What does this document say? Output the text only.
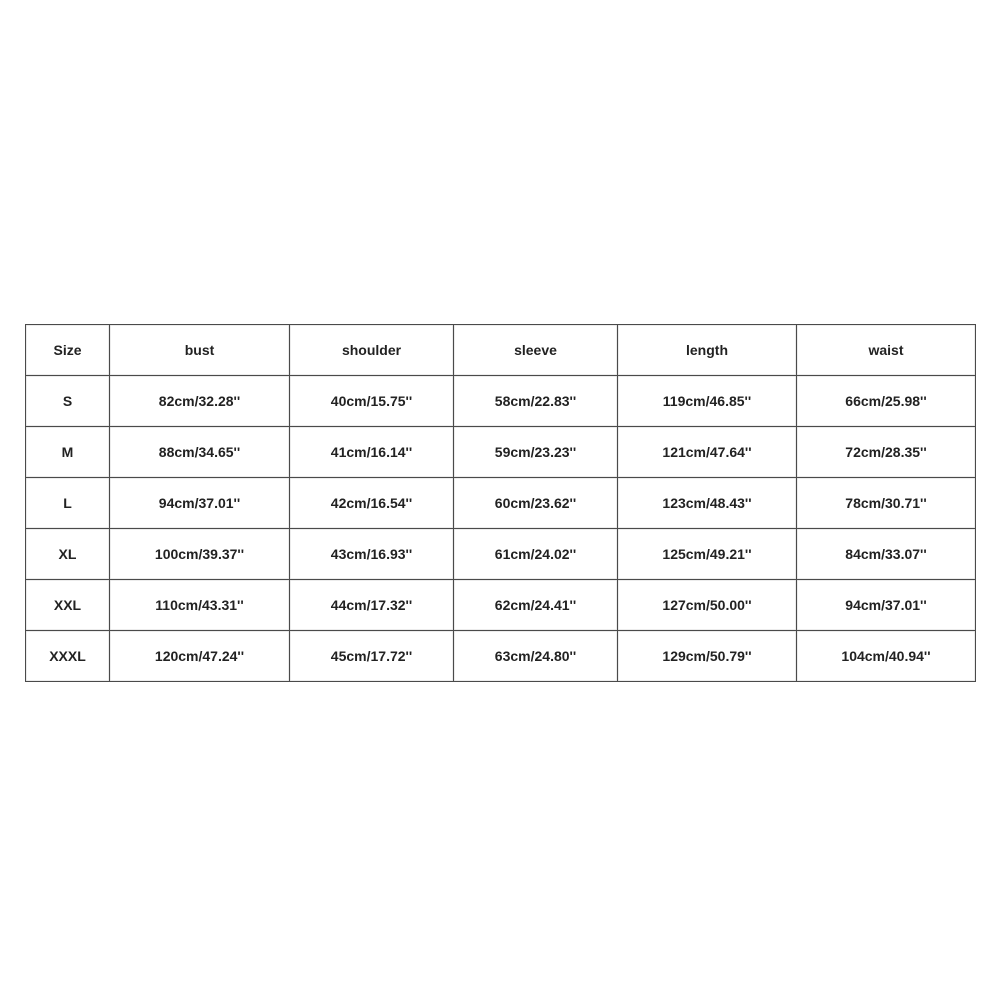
Size	bust	shoulder	sleeve	length	waist
S	82cm/32.28''	40cm/15.75''	58cm/22.83''	119cm/46.85''	66cm/25.98''
M	88cm/34.65''	41cm/16.14''	59cm/23.23''	121cm/47.64''	72cm/28.35''
L	94cm/37.01''	42cm/16.54''	60cm/23.62''	123cm/48.43''	78cm/30.71''
XL	100cm/39.37''	43cm/16.93''	61cm/24.02''	125cm/49.21''	84cm/33.07''
XXL	110cm/43.31''	44cm/17.32''	62cm/24.41''	127cm/50.00''	94cm/37.01''
XXXL	120cm/47.24''	45cm/17.72''	63cm/24.80''	129cm/50.79''	104cm/40.94''
